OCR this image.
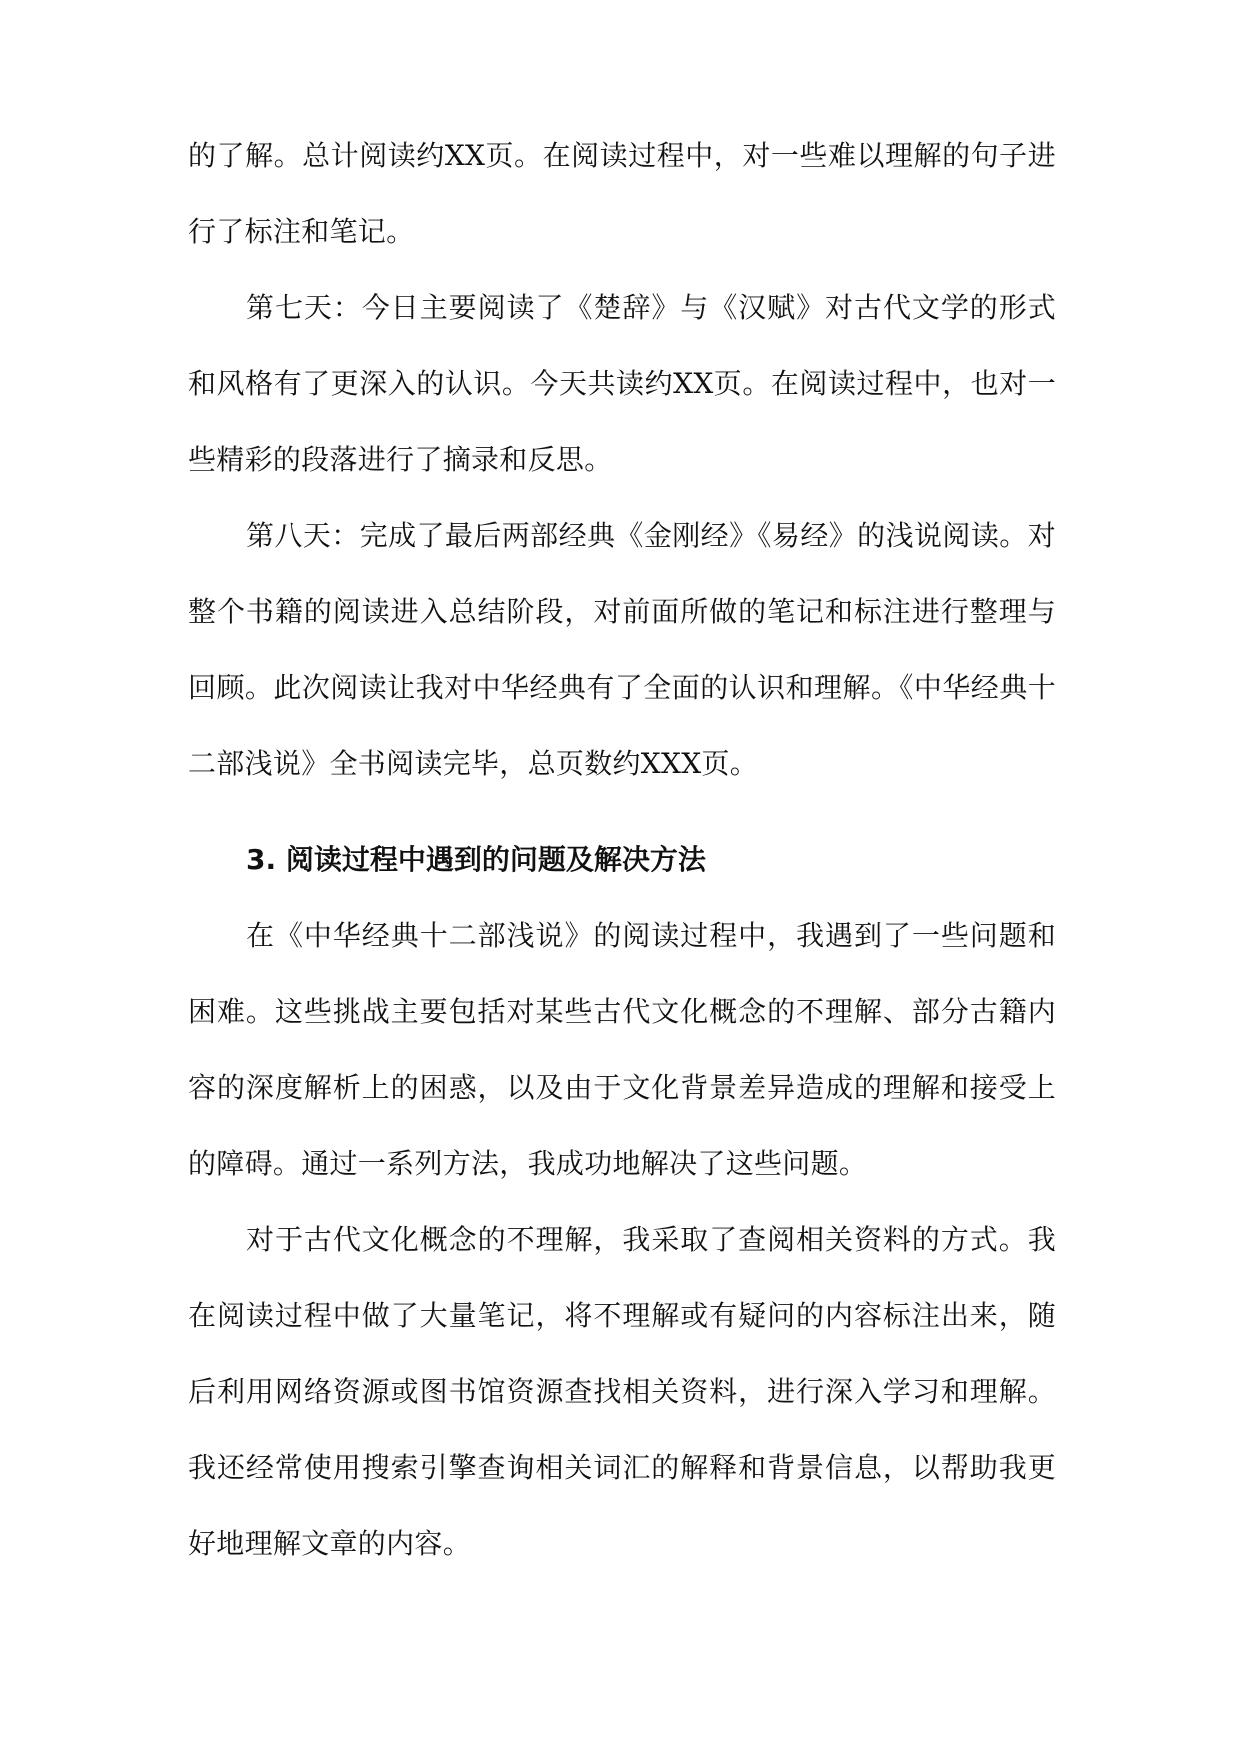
的了解。总计阅读约XX页。在阅读过程中，对一些难以理解的句子进行了标注和笔记。

第七天：今日主要阅读了《楚辞》与《汉赋》对古代文学的形式和风格有了更深入的认识。今天共读约XX页。在阅读过程中，也对一些精彩的段落进行了摘录和反思。

第八天：完成了最后两部经典《金刚经》《易经》的浅说阅读。对整个书籍的阅读进入总结阶段，对前面所做的笔记和标注进行整理与回顾。此次阅读让我对中华经典有了全面的认识和理解。《中华经典十二部浅说》全书阅读完毕，总页数约XXX页。

3. 阅读过程中遇到的问题及解决方法

在《中华经典十二部浅说》的阅读过程中，我遇到了一些问题和困难。这些挑战主要包括对某些古代文化概念的不理解、部分古籍内容的深度解析上的困惑，以及由于文化背景差异造成的理解和接受上的障碍。通过一系列方法，我成功地解决了这些问题。

对于古代文化概念的不理解，我采取了查阅相关资料的方式。我在阅读过程中做了大量笔记，将不理解或有疑问的内容标注出来，随后利用网络资源或图书馆资源查找相关资料，进行深入学习和理解。我还经常使用搜索引擎查询相关词汇的解释和背景信息，以帮助我更好地理解文章的内容。
